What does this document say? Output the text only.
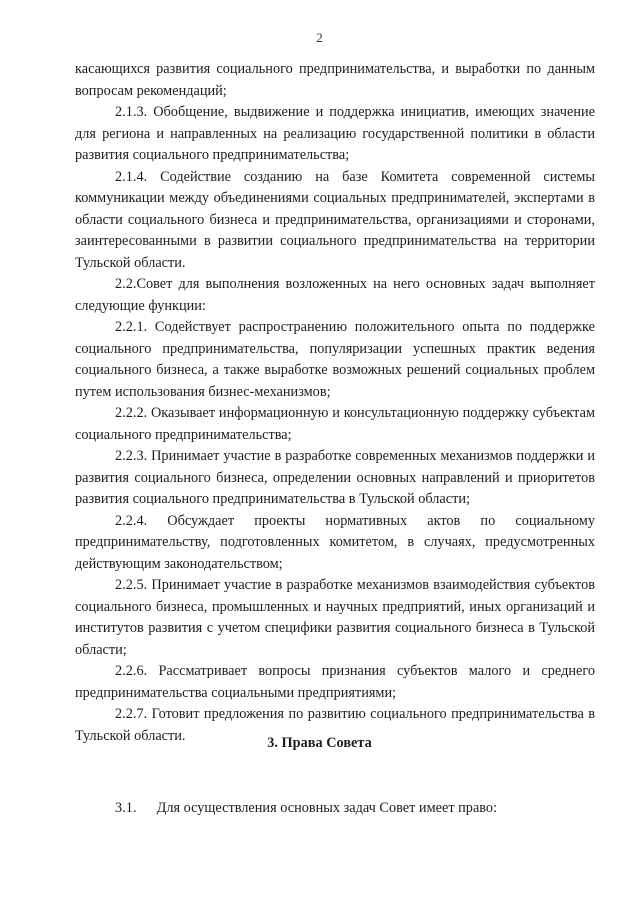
2

касающихся развития социального предпринимательства, и выработки по данным вопросам рекомендаций;

2.1.3. Обобщение, выдвижение и поддержка инициатив, имеющих значение для региона и направленных на реализацию государственной политики в области развития социального предпринимательства;

2.1.4. Содействие созданию на базе Комитета современной системы коммуникации между объединениями социальных предпринимателей, экспертами в области социального бизнеса и предпринимательства, организациями и сторонами, заинтересованными в развитии социального предпринимательства на территории Тульской области.

2.2.Совет для выполнения возложенных на него основных задач выполняет следующие функции:

2.2.1. Содействует распространению положительного опыта по поддержке социального предпринимательства, популяризации успешных практик ведения социального бизнеса, а также выработке возможных решений социальных проблем путем использования бизнес-механизмов;

2.2.2. Оказывает информационную и консультационную поддержку субъектам социального предпринимательства;

2.2.3. Принимает участие в разработке современных механизмов поддержки и развития социального бизнеса, определении основных направлений и приоритетов развития социального предпринимательства в Тульской области;

2.2.4. Обсуждает проекты нормативных актов по социальному предпринимательству, подготовленных комитетом, в случаях, предусмотренных действующим законодательством;

2.2.5. Принимает участие в разработке механизмов взаимодействия субъектов социального бизнеса, промышленных и научных предприятий, иных организаций и институтов развития с учетом специфики развития социального бизнеса в Тульской области;

2.2.6. Рассматривает вопросы признания субъектов малого и среднего предпринимательства социальными предприятиями;

2.2.7. Готовит предложения по развитию социального предпринимательства в Тульской области.	3. Права Совета
3.1. Для осуществления основных задач Совет имеет право:
